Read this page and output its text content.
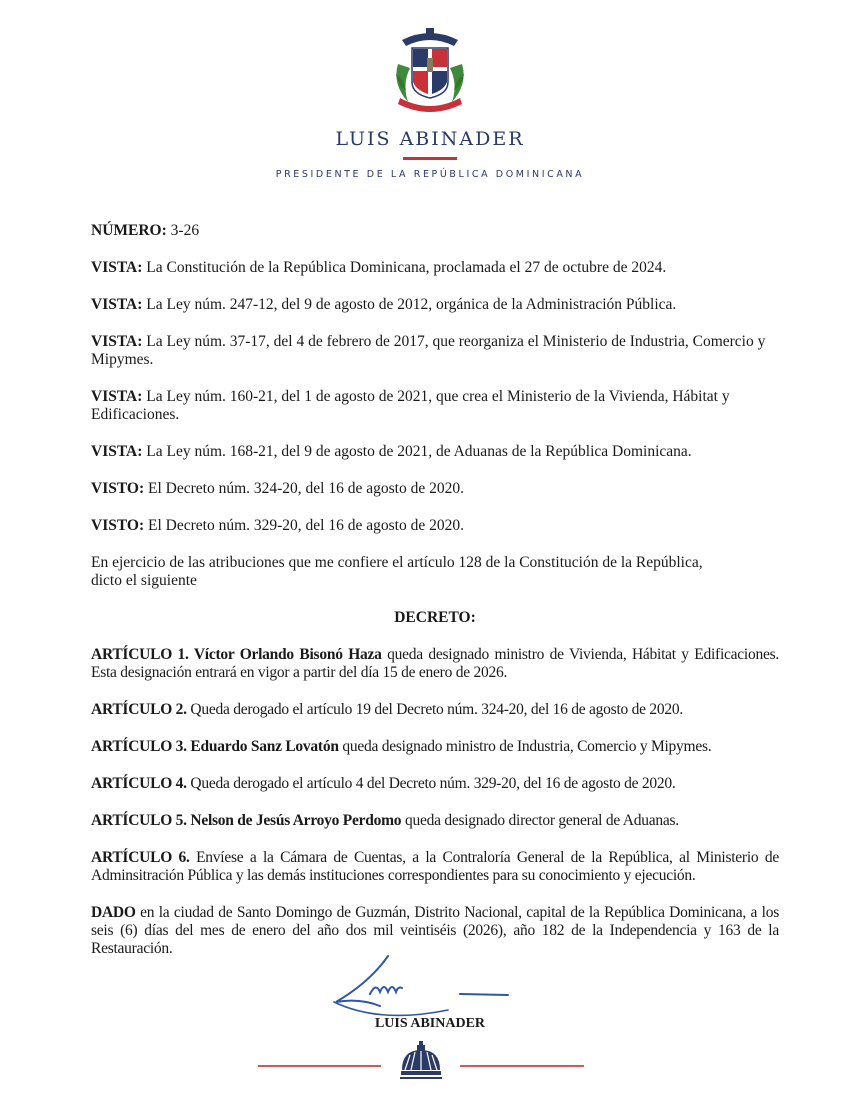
LUIS ABINADER
PRESIDENTE DE LA REPÚBLICA DOMINICANA

NÚMERO: 3-26

VISTA: La Constitución de la República Dominicana, proclamada el 27 de octubre de 2024.

VISTA: La Ley núm. 247-12, del 9 de agosto de 2012, orgánica de la Administración Pública.

VISTA: La Ley núm. 37-17, del 4 de febrero de 2017, que reorganiza el Ministerio de Industria, Comercio y Mipymes.

VISTA: La Ley núm. 160-21, del 1 de agosto de 2021, que crea el Ministerio de la Vivienda, Hábitat y Edificaciones.

VISTA: La Ley núm. 168-21, del 9 de agosto de 2021, de Aduanas de la República Dominicana.

VISTO: El Decreto núm. 324-20, del 16 de agosto de 2020.

VISTO: El Decreto núm. 329-20, del 16 de agosto de 2020.

En ejercicio de las atribuciones que me confiere el artículo 128 de la Constitución de la República, dicto el siguiente

DECRETO:

ARTÍCULO 1. Víctor Orlando Bisonó Haza queda designado ministro de Vivienda, Hábitat y Edificaciones. Esta designación entrará en vigor a partir del día 15 de enero de 2026.

ARTÍCULO 2. Queda derogado el artículo 19 del Decreto núm. 324-20, del 16 de agosto de 2020.

ARTÍCULO 3. Eduardo Sanz Lovatón queda designado ministro de Industria, Comercio y Mipymes.

ARTÍCULO 4. Queda derogado el artículo 4 del Decreto núm. 329-20, del 16 de agosto de 2020.

ARTÍCULO 5. Nelson de Jesús Arroyo Perdomo queda designado director general de Aduanas.

ARTÍCULO 6. Envíese a la Cámara de Cuentas, a la Contraloría General de la República, al Ministerio de Adminsitración Pública y las demás instituciones correspondientes para su conocimiento y ejecución.

DADO en la ciudad de Santo Domingo de Guzmán, Distrito Nacional, capital de la República Dominicana, a los seis (6) días del mes de enero del año dos mil veintiséis (2026), año 182 de la Independencia y 163 de la Restauración.

LUIS ABINADER
